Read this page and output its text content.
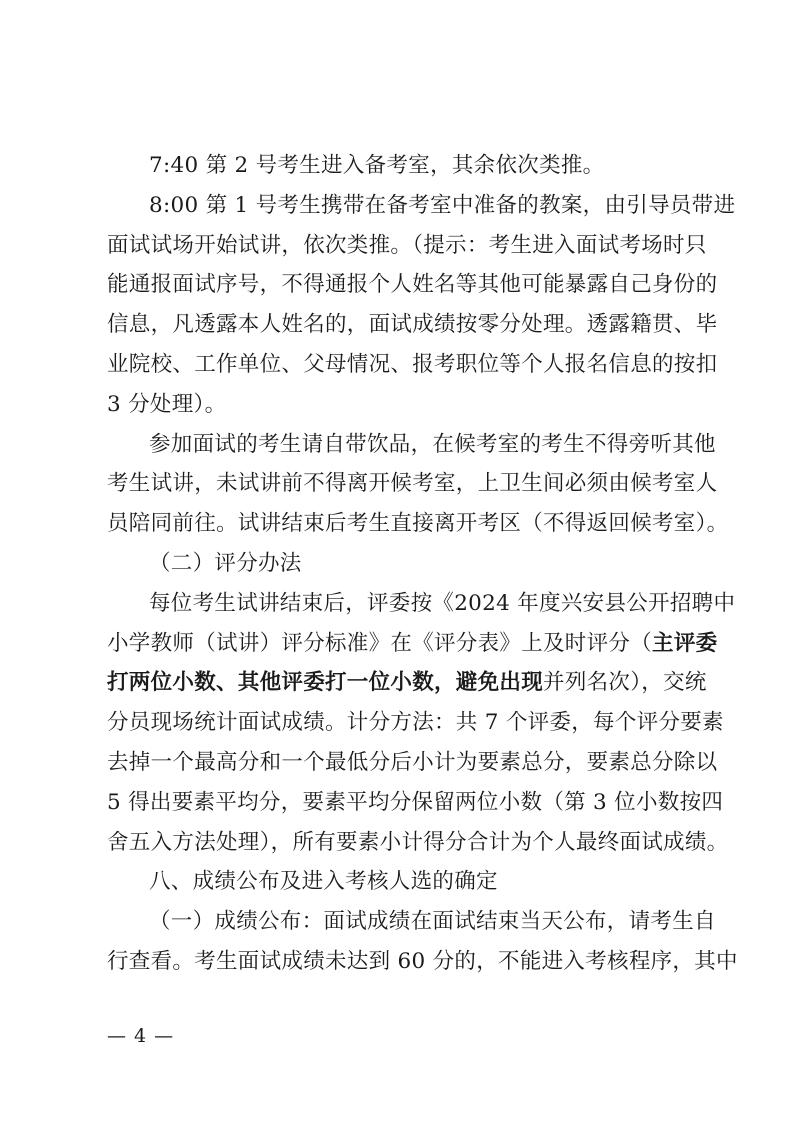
7:40 第 2 号考生进入备考室，其余依次类推。
8:00 第 1 号考生携带在备考室中准备的教案，由引导员带进
面试试场开始试讲，依次类推。（提示：考生进入面试考场时只
能通报面试序号，不得通报个人姓名等其他可能暴露自己身份的
信息，凡透露本人姓名的，面试成绩按零分处理。透露籍贯、毕
业院校、工作单位、父母情况、报考职位等个人报名信息的按扣
3 分处理）。
参加面试的考生请自带饮品，在候考室的考生不得旁听其他
考生试讲，未试讲前不得离开候考室，上卫生间必须由候考室人
员陪同前往。试讲结束后考生直接离开考区（不得返回候考室）。
（二）评分办法
每位考生试讲结束后，评委按《2024 年度兴安县公开招聘中
小学教师（试讲）评分标准》在《评分表》上及时评分（主评委
打两位小数、其他评委打一位小数，避免出现并列名次），交统
分员现场统计面试成绩。计分方法：共 7 个评委，每个评分要素
去掉一个最高分和一个最低分后小计为要素总分，要素总分除以
5 得出要素平均分，要素平均分保留两位小数（第 3 位小数按四
舍五入方法处理），所有要素小计得分合计为个人最终面试成绩。
八、成绩公布及进入考核人选的确定
（一）成绩公布：面试成绩在面试结束当天公布，请考生自
行查看。考生面试成绩未达到 60 分的，不能进入考核程序，其中
— 4 —
